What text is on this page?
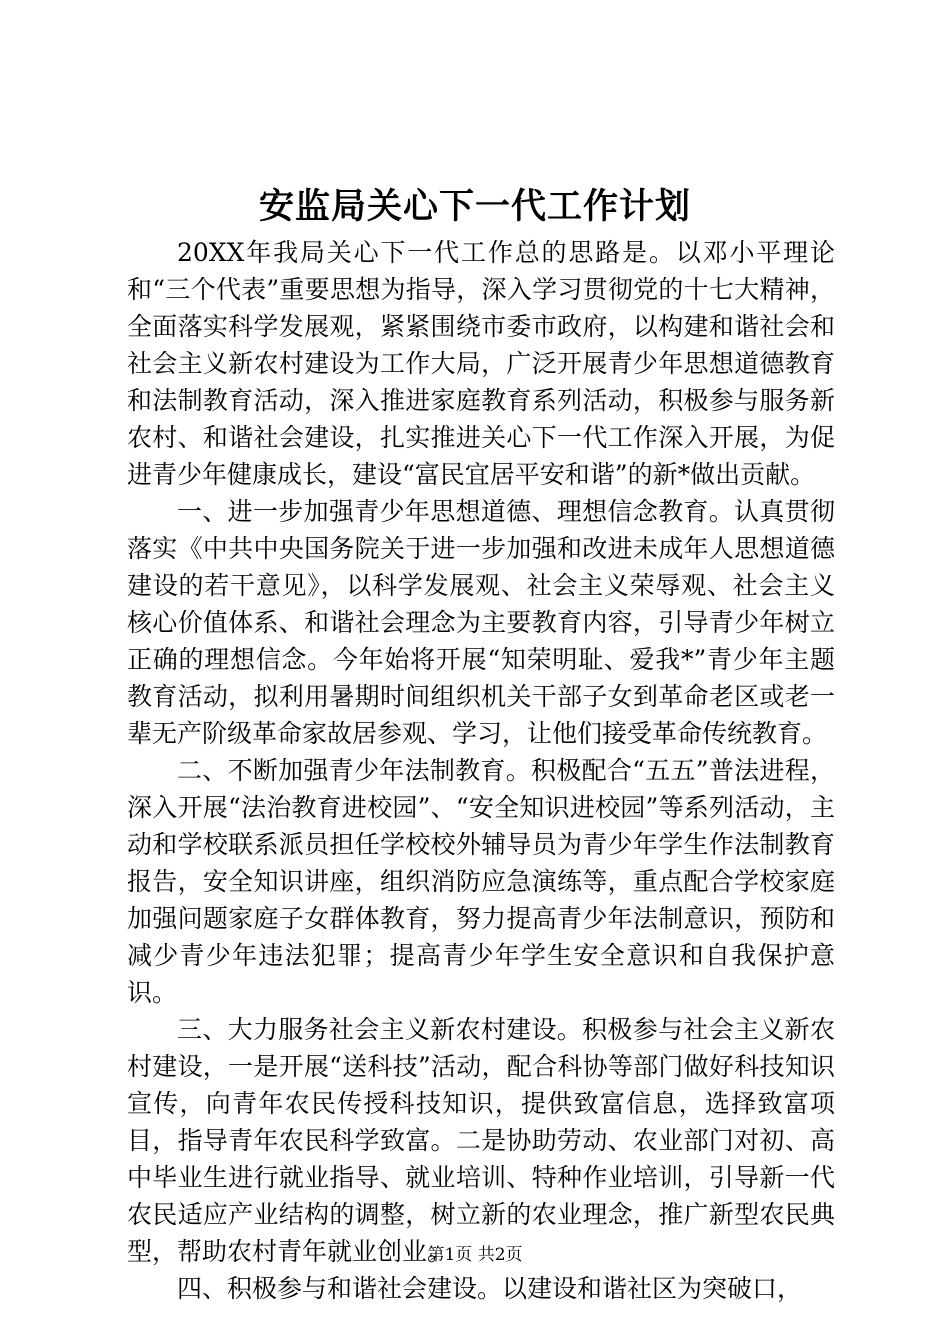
安监局关心下一代工作计划

20XX年我局关心下一代工作总的思路是。以邓小平理论和“三个代表”重要思想为指导，深入学习贯彻党的十七大精神，全面落实科学发展观，紧紧围绕市委市政府，以构建和谐社会和社会主义新农村建设为工作大局，广泛开展青少年思想道德教育和法制教育活动，深入推进家庭教育系列活动，积极参与服务新农村、和谐社会建设，扎实推进关心下一代工作深入开展，为促进青少年健康成长，建设“富民宜居平安和谐”的新*做出贡献。

一、进一步加强青少年思想道德、理想信念教育。认真贯彻落实《中共中央国务院关于进一步加强和改进未成年人思想道德建设的若干意见》，以科学发展观、社会主义荣辱观、社会主义核心价值体系、和谐社会理念为主要教育内容，引导青少年树立正确的理想信念。今年始将开展“知荣明耻、爱我*”青少年主题教育活动，拟利用暑期时间组织机关干部子女到革命老区或老一辈无产阶级革命家故居参观、学习，让他们接受革命传统教育。

二、不断加强青少年法制教育。积极配合“五五”普法进程，深入开展“法治教育进校园”、“安全知识进校园”等系列活动，主动和学校联系派员担任学校校外辅导员为青少年学生作法制教育报告，安全知识讲座，组织消防应急演练等，重点配合学校家庭加强问题家庭子女群体教育，努力提高青少年法制意识，预防和减少青少年违法犯罪；提高青少年学生安全意识和自我保护意识。

三、大力服务社会主义新农村建设。积极参与社会主义新农村建设，一是开展“送科技”活动，配合科协等部门做好科技知识宣传，向青年农民传授科技知识，提供致富信息，选择致富项目，指导青年农民科学致富。二是协助劳动、农业部门对初、高中毕业生进行就业指导、就业培训、特种作业培训，引导新一代农民适应产业结构的调整，树立新的农业理念，推广新型农民典型，帮助农村青年就业创业。

四、积极参与和谐社会建设。以建设和谐社区为突破口，

第1页 共2页
